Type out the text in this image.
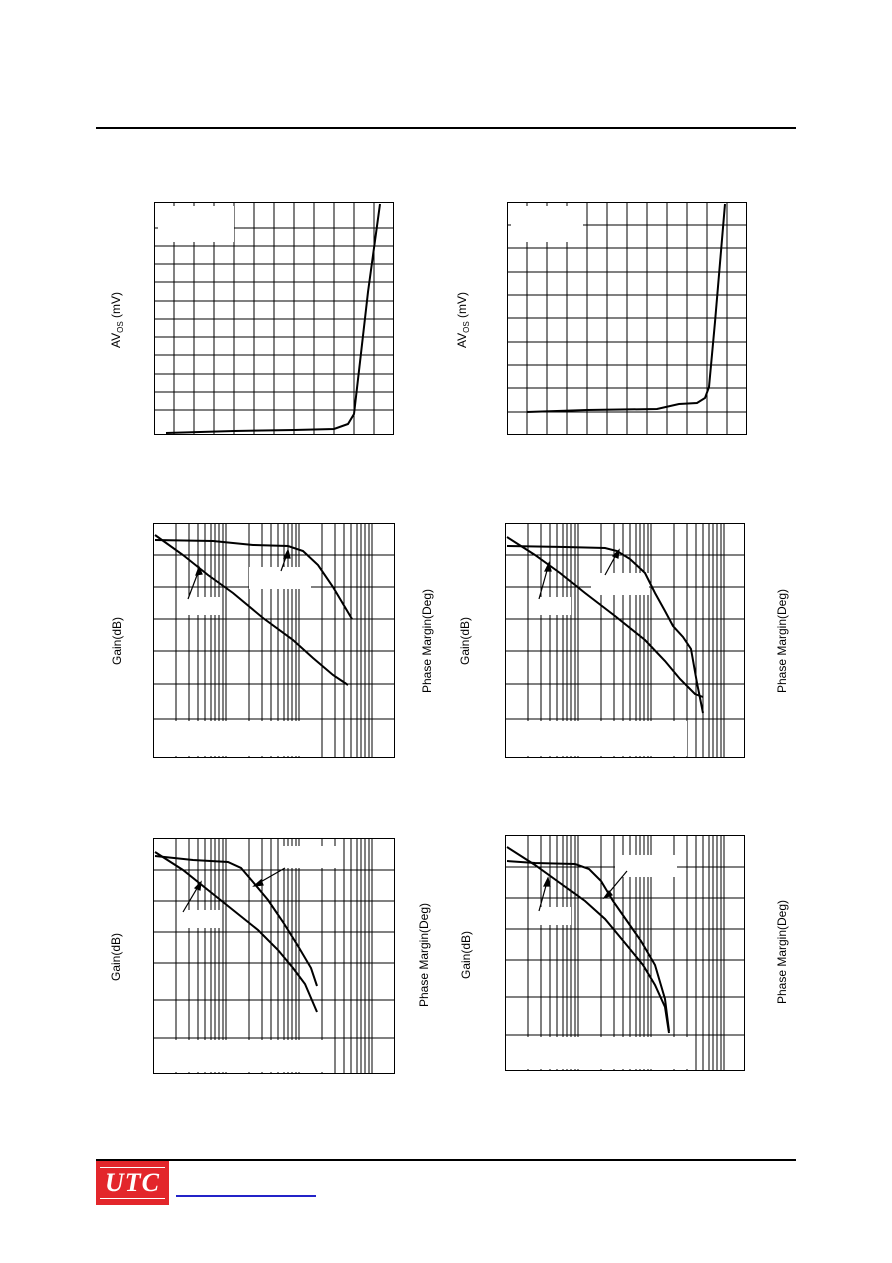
$AV_{OS}$ (mV)
$AV_{OS}$ (mV)
Gain(dB)	Phase Margin(Deg) Gain(dB)	Phase Margin(Deg)
Gain(dB)	Phase Margin(Deg) Gain(dB)	Phase Margin(Deg)
UTC
